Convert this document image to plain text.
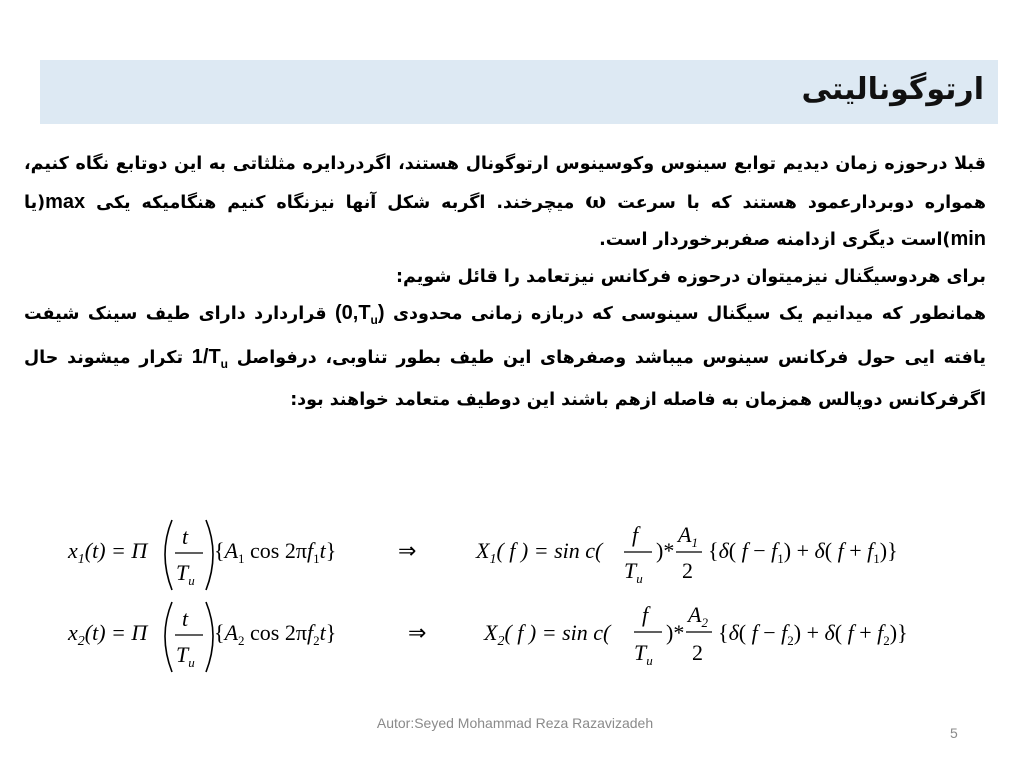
ارتوگونالیتی

قبلا درحوزه زمان دیدیم توابع سینوس وکوسینوس ارتوگونال هستند، اگردردایره مثلثاتی به این دوتابع نگاه کنیم، همواره دوبردارعمود هستند که با سرعت ω میچرخند. اگربه شکل آنها نیزنگاه کنیم هنگامیکه یکی max(یا min)است دیگری ازدامنه صفربرخوردار است.

برای هردوسیگنال نیزمیتوان درحوزه فرکانس نیزتعامد را قائل شویم:

همانطور که میدانیم یک سیگنال سینوسی که دربازه زمانی محدودی $(0,T_u)$ قراردارد دارای طیف سینک شیفت یافته ایی حول فرکانس سینوس میباشد وصفرهای این طیف بطور تناوبی، درفواصل $1/T_u$ تکرار میشوند حال اگرفرکانس دوپالس همزمان به فاصله ازهم باشند این دوطیف متعامد خواهند بود:

$x_1(t) = \Pi$
t
$T_u$
{$A_1$ $\cos 2\pi f_1t$}	⇒	$X_1$( f ) = sin c(
f
$T_u$
)*
$A_1$
2
{δ( $f - f_1) + \delta$( $f + f_1$)}
$x_2(t) = \Pi$
t
$T_u$
{$A_2$ $\cos 2\pi f_2t$}	⇒	$X_2$( f ) = sin c(
f
$T_u$
)*
$A_2$
2
{δ( $f - f_2) + \delta$( $f + f_2$)}
Autor:Seyed Mohammad Reza Razavizadeh
5
